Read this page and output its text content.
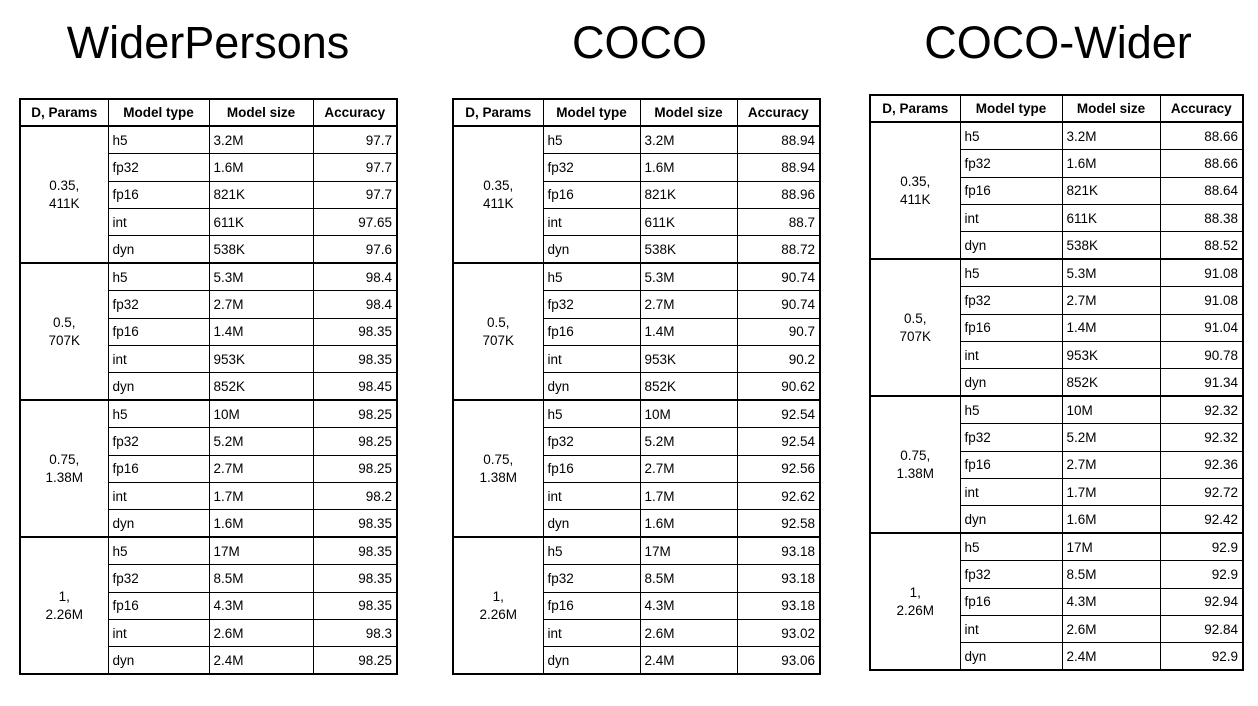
WiderPersons
D, Params	Model type	Model size	Accuracy

0.35,
411K	h5	3.2M	97.7
	fp32	1.6M	97.7
	fp16	821K	97.7
	int	611K	97.65
	dyn	538K	97.6

0.5,
707K	h5	5.3M	98.4
	fp32	2.7M	98.4
	fp16	1.4M	98.35
	int	953K	98.35
	dyn	852K	98.45

0.75,
1.38M	h5	10M	98.25
	fp32	5.2M	98.25
	fp16	2.7M	98.25
	int	1.7M	98.2
	dyn	1.6M	98.35

1,
2.26M	h5	17M	98.35
	fp32	8.5M	98.35
	fp16	4.3M	98.35
	int	2.6M	98.3
	dyn	2.4M	98.25
COCO
D, Params	Model type	Model size	Accuracy

0.35,
411K	h5	3.2M	88.94
	fp32	1.6M	88.94
	fp16	821K	88.96
	int	611K	88.7
	dyn	538K	88.72

0.5,
707K	h5	5.3M	90.74
	fp32	2.7M	90.74
	fp16	1.4M	90.7
	int	953K	90.2
	dyn	852K	90.62

0.75,
1.38M	h5	10M	92.54
	fp32	5.2M	92.54
	fp16	2.7M	92.56
	int	1.7M	92.62
	dyn	1.6M	92.58

1,
2.26M	h5	17M	93.18
	fp32	8.5M	93.18
	fp16	4.3M	93.18
	int	2.6M	93.02
	dyn	2.4M	93.06
COCO-Wider
D, Params	Model type	Model size	Accuracy

0.35,
411K	h5	3.2M	88.66
	fp32	1.6M	88.66
	fp16	821K	88.64
	int	611K	88.38
	dyn	538K	88.52

0.5,
707K	h5	5.3M	91.08
	fp32	2.7M	91.08
	fp16	1.4M	91.04
	int	953K	90.78
	dyn	852K	91.34

0.75,
1.38M	h5	10M	92.32
	fp32	5.2M	92.32
	fp16	2.7M	92.36
	int	1.7M	92.72
	dyn	1.6M	92.42

1,
2.26M	h5	17M	92.9
	fp32	8.5M	92.9
	fp16	4.3M	92.94
	int	2.6M	92.84
	dyn	2.4M	92.9
